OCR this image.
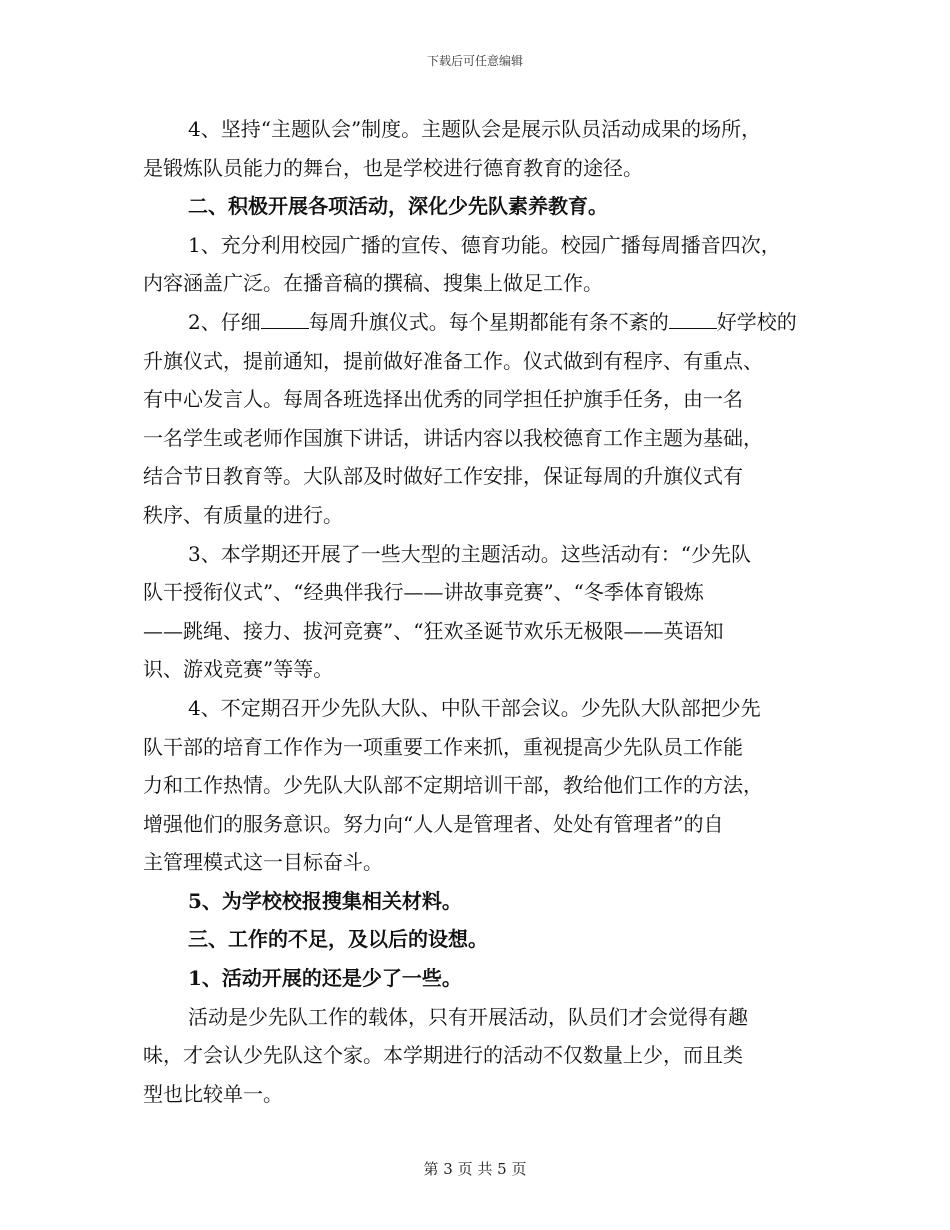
下载后可任意编辑
4、坚持“主题队会”制度。主题队会是展示队员活动成果的场所，
是锻炼队员能力的舞台，也是学校进行德育教育的途径。
二、积极开展各项活动，深化少先队素养教育。
1、充分利用校园广播的宣传、德育功能。校园广播每周播音四次，
内容涵盖广泛。在播音稿的撰稿、搜集上做足工作。
2、仔细 每周升旗仪式。每个星期都能有条不紊的 好学校的
升旗仪式，提前通知，提前做好准备工作。仪式做到有程序、有重点、
有中心发言人。每周各班选择出优秀的同学担任护旗手任务，由一名
一名学生或老师作国旗下讲话，讲话内容以我校德育工作主题为基础，
结合节日教育等。大队部及时做好工作安排，保证每周的升旗仪式有
秩序、有质量的进行。
3、本学期还开展了一些大型的主题活动。这些活动有：“少先队
队干授衔仪式”、“经典伴我行——讲故事竞赛”、“冬季体育锻炼
——跳绳、接力、拔河竞赛”、“狂欢圣诞节欢乐无极限——英语知
识、游戏竞赛”等等。
4、不定期召开少先队大队、中队干部会议。少先队大队部把少先
队干部的培育工作作为一项重要工作来抓，重视提高少先队员工作能
力和工作热情。少先队大队部不定期培训干部，教给他们工作的方法，
增强他们的服务意识。努力向“人人是管理者、处处有管理者”的自
主管理模式这一目标奋斗。
5、为学校校报搜集相关材料。
三、工作的不足，及以后的设想。
1、活动开展的还是少了一些。
活动是少先队工作的载体，只有开展活动，队员们才会觉得有趣
味，才会认少先队这个家。本学期进行的活动不仅数量上少，而且类
型也比较单一。
第 3 页 共 5 页
